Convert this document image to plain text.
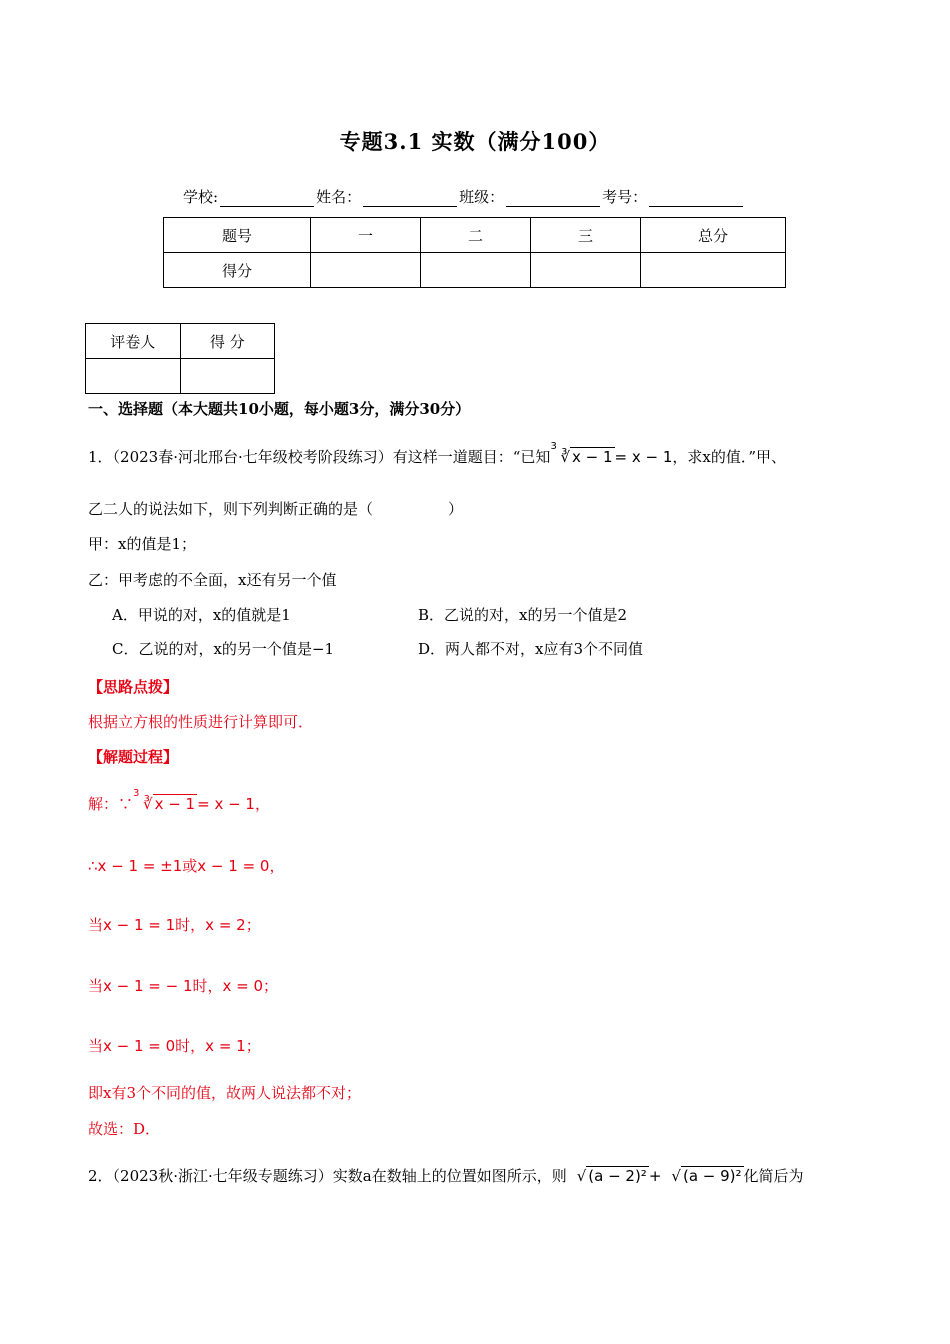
专题3.1 实数（满分100）
学校:	姓名：	班级：	考号：
题号	一	二	三	总分
得分				
评卷人	得 分

一、选择题（本大题共10小题，每小题3分，满分30分）
1．（2023春·河北邢台·七年级校考阶段练习）有这样一道题目：“已知
3
∛ x − 1 = x − 1，求x的值．”甲、
乙二人的说法如下，则下列判断正确的是（　　　　　）
甲：x的值是1；
乙：甲考虑的不全面，x还有另一个值
A．甲说的对，x的值就是1	B．乙说的对，x的另一个值是2
C．乙说的对，x的另一个值是−1	D．两人都不对，x应有3个不同值
【思路点拨】
根据立方根的性质进行计算即可．
【解题过程】
解：∵
3
∛ x − 1 = x − 1，
∴x − 1 = ±1或x − 1 = 0，
当x − 1 = 1时，x = 2；
当x − 1 = − 1时，x = 0；
当x − 1 = 0时，x = 1；
即x有3个不同的值，故两人说法都不对；
故选：D．
2．（2023秋·浙江·七年级专题练习）实数a在数轴上的位置如图所示，则 √ (a − 2)² + √ (a − 9)² 化简后为
